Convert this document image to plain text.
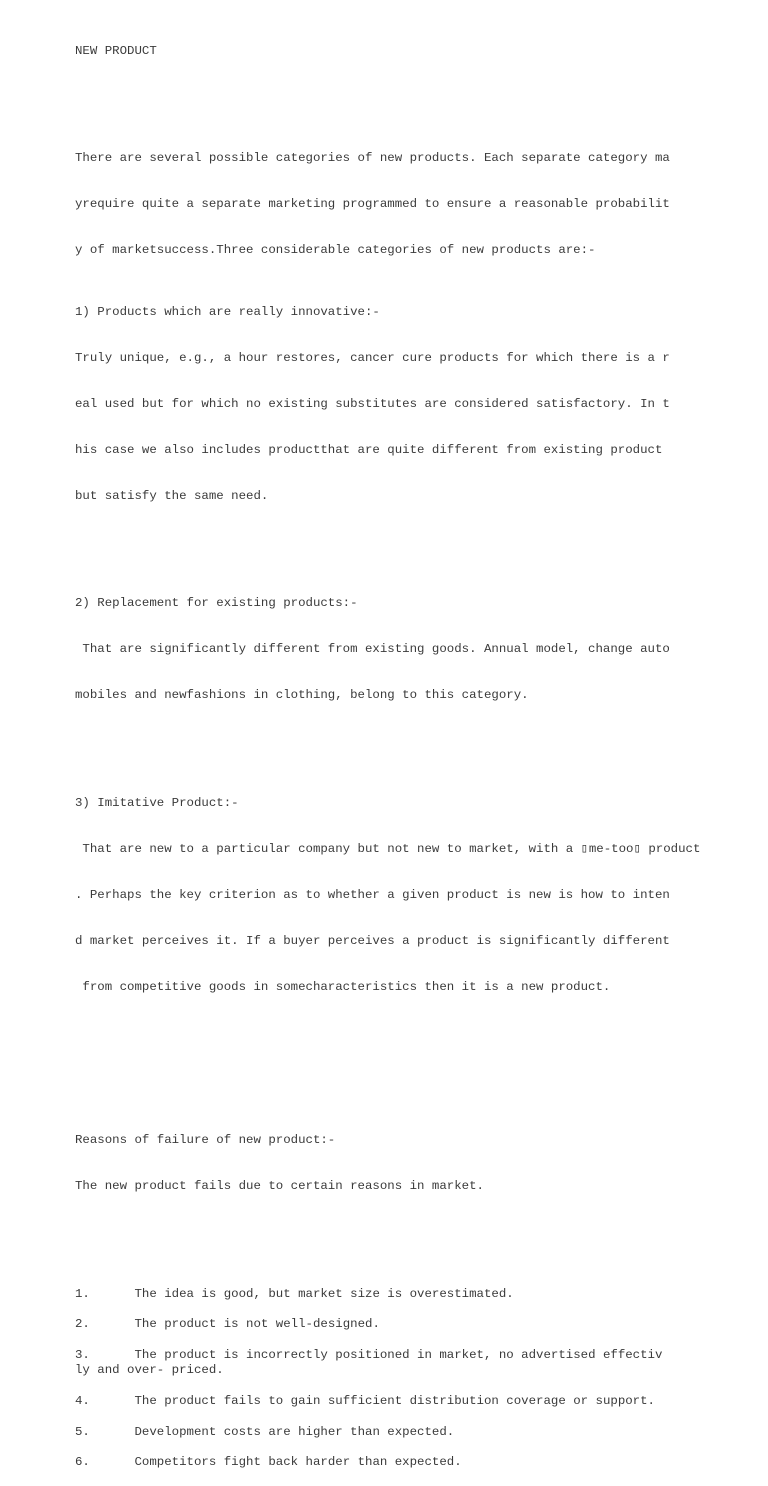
NEW PRODUCT

There are several possible categories of new products. Each separate category ma

yrequire quite a separate marketing programmed to ensure a reasonable probabilit

y of marketsuccess.Three considerable categories of new products are:-

1) Products which are really innovative:-

Truly unique, e.g., a hour restores, cancer cure products for which there is a r

eal used but for which no existing substitutes are considered satisfactory. In t

his case we also includes productthat are quite different from existing product

but satisfy the same need.

2) Replacement for existing products:-

That are significantly different from existing goods. Annual model, change auto

mobiles and newfashions in clothing, belong to this category.

3) Imitative Product:-

That are new to a particular company but not new to market, with a ▯ me-too▯ product

. Perhaps the key criterion as to whether a given product is new is how to inten

d market perceives it. If a buyer perceives a product is significantly different

from competitive goods in somecharacteristics then it is a new product.

Reasons of failure of new product:-

The new product fails due to certain reasons in market.

1.      The idea is good, but market size is overestimated.
2.      The product is not well-designed.
3.      The product is incorrectly positioned in market, no advertised effectiv
ly and over- priced.
4.      The product fails to gain sufficient distribution coverage or support.
5.      Development costs are higher than expected.
6.      Competitors fight back harder than expected.
